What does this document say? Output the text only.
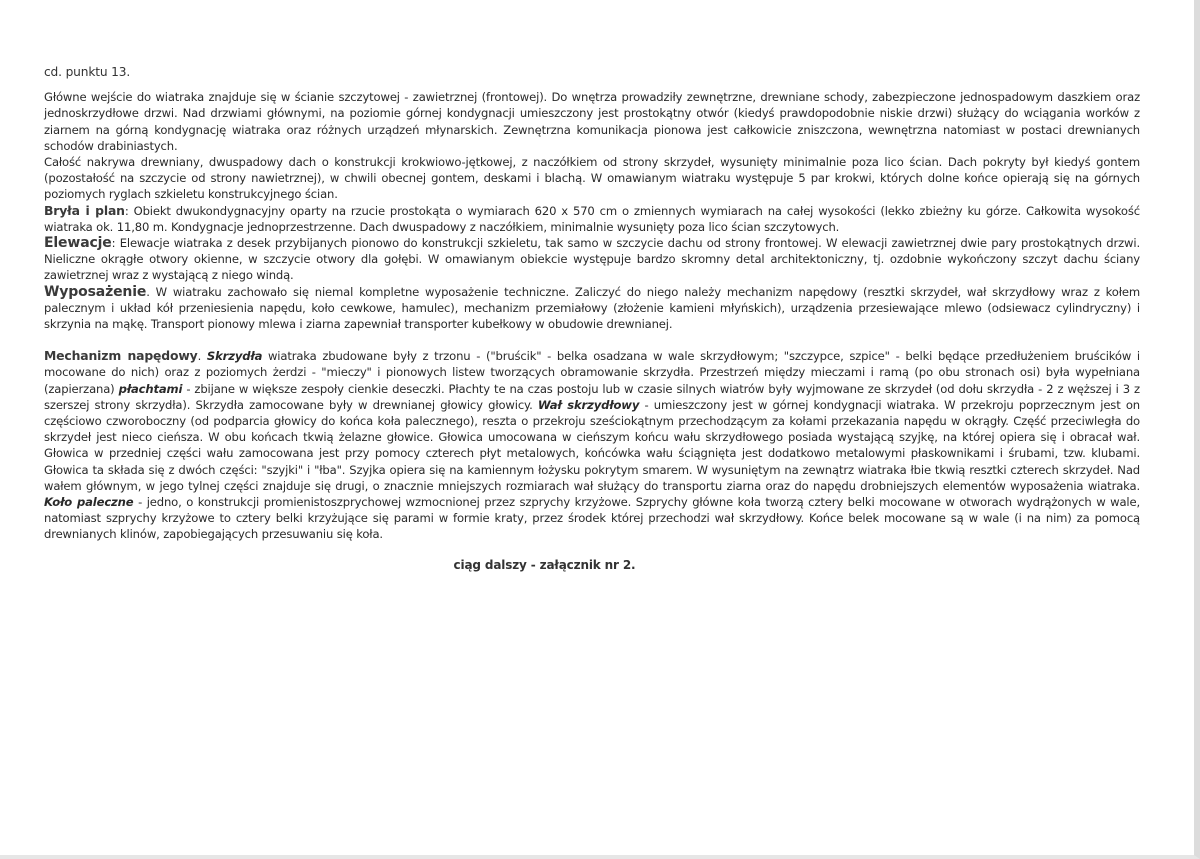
cd. punktu 13.

Główne wejście do wiatraka znajduje się w ścianie szczytowej - zawietrznej (frontowej). Do wnętrza prowadziły zewnętrzne, drewniane schody, zabezpieczone jednospadowym daszkiem oraz jednoskrzydłowe drzwi. Nad drzwiami głównymi, na poziomie górnej kondygnacji umieszczony jest prostokątny otwór (kiedyś prawdopodobnie niskie drzwi) służący do wciągania worków z ziarnem na górną kondygnację wiatraka oraz różnych urządzeń młynarskich. Zewnętrzna komunikacja pionowa jest całkowicie zniszczona, wewnętrzna natomiast w postaci drewnianych schodów drabiniastych.

Całość nakrywa drewniany, dwuspadowy dach o konstrukcji krokwiowo-jętkowej, z naczółkiem od strony skrzydeł, wysunięty minimalnie poza lico ścian. Dach pokryty był kiedyś gontem (pozostałość na szczycie od strony nawietrznej), w chwili obecnej gontem, deskami i blachą. W omawianym wiatraku występuje 5 par krokwi, których dolne końce opierają się na górnych poziomych ryglach szkieletu konstrukcyjnego ścian.

Bryła i plan: Obiekt dwukondygnacyjny oparty na rzucie prostokąta o wymiarach 620 x 570 cm o zmiennych wymiarach na całej wysokości (lekko zbieżny ku górze. Całkowita wysokość wiatraka ok. 11,80 m. Kondygnacje jednoprzestrzenne. Dach dwuspadowy z naczółkiem, minimalnie wysunięty poza lico ścian szczytowych.

Elewacje: Elewacje wiatraka z desek przybijanych pionowo do konstrukcji szkieletu, tak samo w szczycie dachu od strony frontowej. W elewacji zawietrznej dwie pary prostokątnych drzwi. Nieliczne okrągłe otwory okienne, w szczycie otwory dla gołębi. W omawianym obiekcie występuje bardzo skromny detal architektoniczny, tj. ozdobnie wykończony szczyt dachu ściany zawietrznej wraz z wystającą z niego windą.

Wyposażenie. W wiatraku zachowało się niemal kompletne wyposażenie techniczne. Zaliczyć do niego należy mechanizm napędowy (resztki skrzydeł, wał skrzydłowy wraz z kołem palecznym i układ kół przeniesienia napędu, koło cewkowe, hamulec), mechanizm przemiałowy (złożenie kamieni młyńskich), urządzenia przesiewające mlewo (odsiewacz cylindryczny) i skrzynia na mąkę. Transport pionowy mlewa i ziarna zapewniał transporter kubełkowy w obudowie drewnianej.

Mechanizm napędowy. Skrzydła wiatraka zbudowane były z trzonu - ("bruścik" - belka osadzana w wale skrzydłowym; "szczypce, szpice" - belki będące przedłużeniem bruścików i mocowane do nich) oraz z poziomych żerdzi - "mieczy" i pionowych listew tworzących obramowanie skrzydła. Przestrzeń między mieczami i ramą (po obu stronach osi) była wypełniana (zapierzana) płachtami - zbijane w większe zespoły cienkie deseczki. Płachty te na czas postoju lub w czasie silnych wiatrów były wyjmowane ze skrzydeł (od dołu skrzydła - 2 z węższej i 3 z szerszej strony skrzydła). Skrzydła zamocowane były w drewnianej głowicy głowicy. Wał skrzydłowy - umieszczony jest w górnej kondygnacji wiatraka. W przekroju poprzecznym jest on częściowo czworoboczny (od podparcia głowicy do końca koła palecznego), reszta o przekroju sześciokątnym przechodzącym za kołami przekazania napędu w okrągły. Część przeciwległa do skrzydeł jest nieco cieńsza. W obu końcach tkwią żelazne głowice. Głowica umocowana w cieńszym końcu wału skrzydłowego posiada wystającą szyjkę, na której opiera się i obracał wał. Głowica w przedniej części wału zamocowana jest przy pomocy czterech płyt metalowych, końcówka wału ściągnięta jest dodatkowo metalowymi płaskownikami i śrubami, tzw. klubami. Głowica ta składa się z dwóch części: "szyjki" i "łba". Szyjka opiera się na kamiennym łożysku pokrytym smarem. W wysuniętym na zewnątrz wiatraka łbie tkwią resztki czterech skrzydeł. Nad wałem głównym, w jego tylnej części znajduje się drugi, o znacznie mniejszych rozmiarach wał służący do transportu ziarna oraz do napędu drobniejszych elementów wyposażenia wiatraka. Koło paleczne - jedno, o konstrukcji promienistoszprychowej wzmocnionej przez szprychy krzyżowe. Szprychy główne koła tworzą cztery belki mocowane w otworach wydrążonych w wale, natomiast szprychy krzyżowe to cztery belki krzyżujące się parami w formie kraty, przez środek której przechodzi wał skrzydłowy. Końce belek mocowane są w wale (i na nim) za pomocą drewnianych klinów, zapobiegających przesuwaniu się koła.

ciąg dalszy - załącznik nr 2.
